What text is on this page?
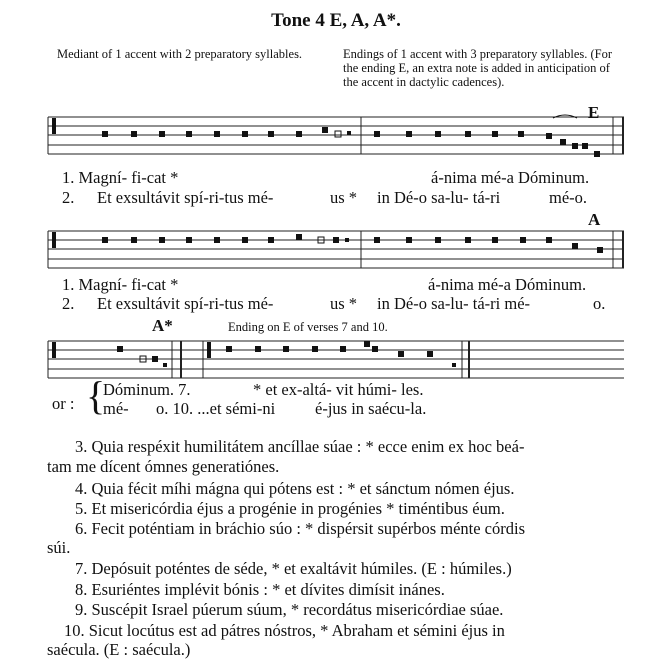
Tone 4 E, A, A*.
Mediant of 1 accent with 2 preparatory syllables.	Endings of 1 accent with 3 preparatory syllables. (For the ending E, an extra note is added in anticipation of the accent in dactylic cadences).
E
A
A*	Ending on E of verses 7 and 10.
1. Magní- fi-cat *	á-nima mé-a Dóminum.
2. Et exsultávit spí-ri-tus mé-	us * in Dé-o sa-lu- tá-ri	mé-o.
1. Magní- fi-cat *	á-nima mé-a Dóminum.
2. Et exsultávit spí-ri-tus mé-	us * in Dé-o sa-lu- tá-ri mé-	o.
or : {
Dóminum. 7.	* et ex-altá- vit húmi- les.
mé- o. 10. ...et sémi-ni é-jus in saécu-la.
3. Quia respéxit humilitátem ancíllae súae : * ecce enim ex hoc beá-
tam me dícent ómnes generatiónes.
4. Quia fécit míhi mágna qui pótens est : * et sánctum nómen éjus.
5. Et misericórdia éjus a progénie in progénies * timéntibus éum.
6. Fecit poténtiam in bráchio súo : * dispérsit supérbos ménte córdis
súi.
7. Depósuit poténtes de séde, * et exaltávit húmiles. (E : húmiles.)
8. Esuriéntes implévit bónis : * et dívites dimísit inánes.
9. Suscépit Israel púerum súum, * recordátus misericórdiae súae.
10. Sicut locútus est ad pátres nóstros, * Abraham et sémini éjus in
saécula. (E : saécula.)
